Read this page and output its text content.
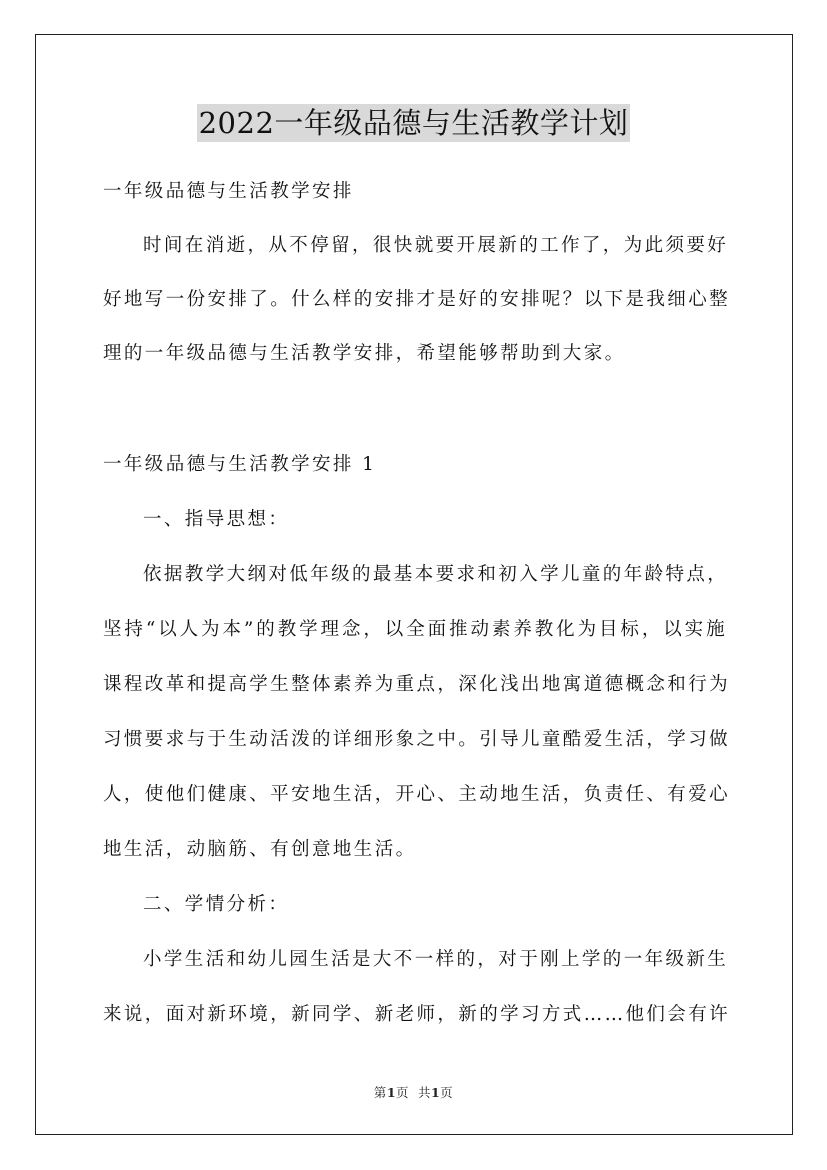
2022一年级品德与生活教学计划
一年级品德与生活教学安排
时间在消逝，从不停留，很快就要开展新的工作了，为此须要好
好地写一份安排了。什么样的安排才是好的安排呢？以下是我细心整
理的一年级品德与生活教学安排，希望能够帮助到大家。
一年级品德与生活教学安排 1
一、指导思想：
依据教学大纲对低年级的最基本要求和初入学儿童的年龄特点，
坚持“以人为本”的教学理念，以全面推动素养教化为目标，以实施
课程改革和提高学生整体素养为重点，深化浅出地寓道德概念和行为
习惯要求与于生动活泼的详细形象之中。引导儿童酷爱生活，学习做
人，使他们健康、平安地生活，开心、主动地生活，负责任、有爱心
地生活，动脑筋、有创意地生活。
二、学情分析：
小学生活和幼儿园生活是大不一样的，对于刚上学的一年级新生
来说，面对新环境，新同学、新老师，新的学习方式……他们会有许
第1页  共1页
